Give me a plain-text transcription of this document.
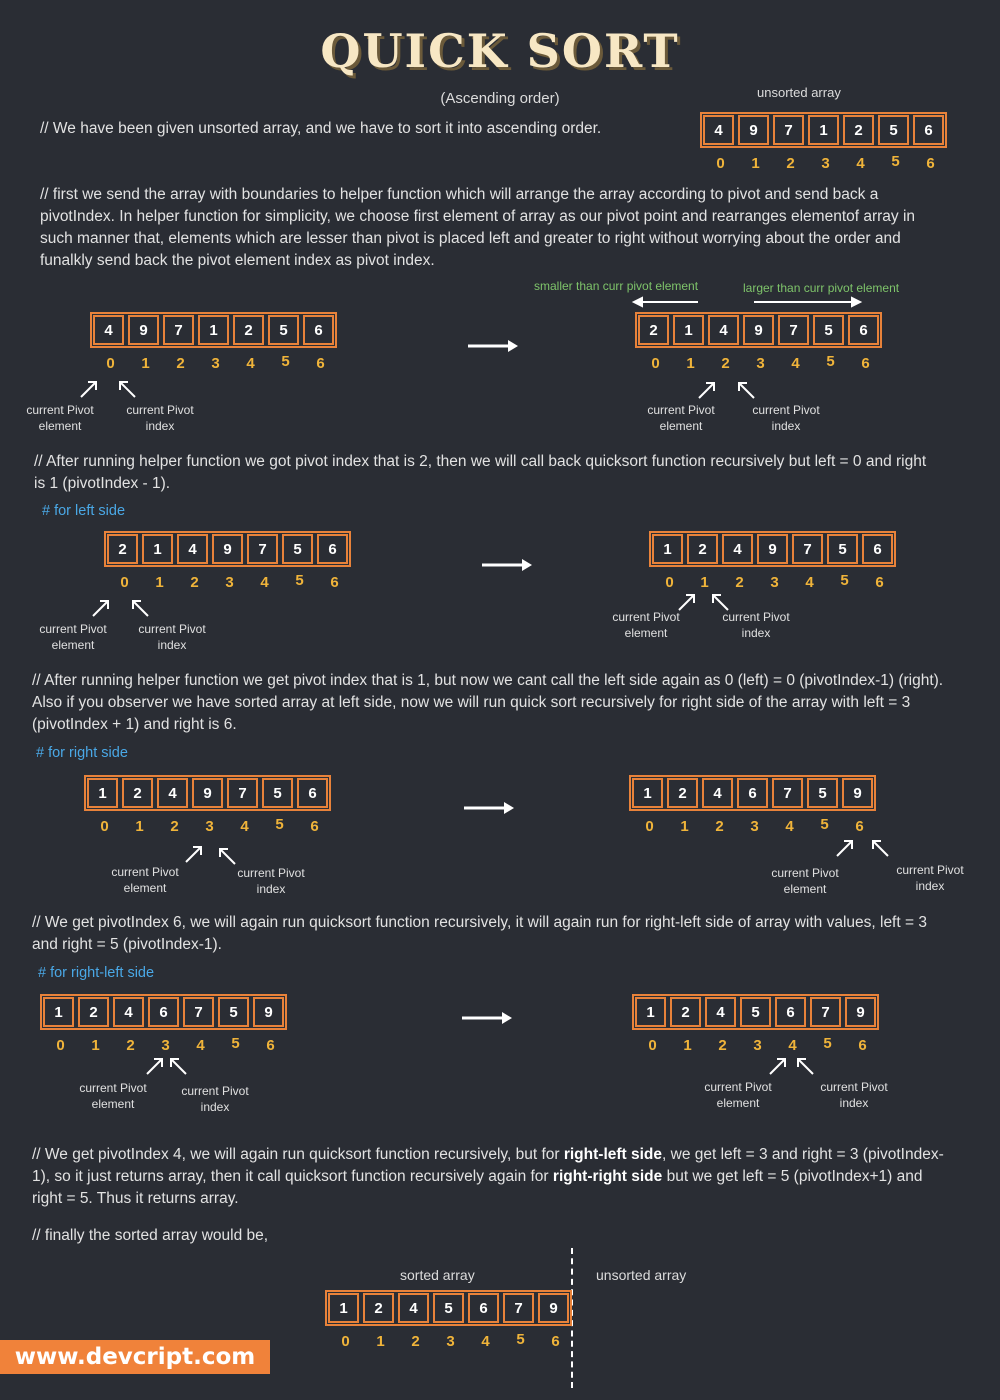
QUICK SORT
(Ascending order)
// We have been given unsorted array, and we have to sort it into ascending order.
unsorted array
4	9	7	1	2	5	6
0	1	2	3	4	5	6
// first we send the array with boundaries to helper function which will arrange the array according to pivot and send back a pivotIndex. In helper function for simplicity, we choose first element of array as our pivot point and rearranges elementof array in such manner that, elements which are lesser than pivot is placed left and greater to right without worrying about the order and funalkly send back the pivot element index as pivot index.
smaller than curr pivot element	larger than curr pivot element
4	9	7	1	2	5	6
0	1	2	3	4	5	6
2	1	4	9	7	5	6
0	1	2	3	4	5	6
// After running helper function we got pivot index that is 2, then we will call back quicksort function recursively but left = 0 and right is 1 (pivotIndex - 1).
# for left side
2	1	4	9	7	5	6
0	1	2	3	4	5	6
1	2	4	9	7	5	6
0	1	2	3	4	5	6
// After running helper function we get pivot index that is 1, but now we cant call the left side again as 0 (left) = 0 (pivotIndex-1) (right). Also if you observer we have sorted array at left side, now we will run quick sort recursively for right side of the array with left = 3 (pivotIndex + 1) and right is 6.
# for right side
1	2	4	9	7	5	6
0	1	2	3	4	5	6
1	2	4	6	7	5	9
0	1	2	3	4	5	6
// We get pivotIndex 6, we will again run quicksort function recursively, it will again run for right-left side of array with values, left = 3 and right = 5 (pivotIndex-1).
# for right-left side
1	2	4	6	7	5	9
0	1	2	3	4	5	6
1	2	4	5	6	7	9
0	1	2	3	4	5	6
// We get pivotIndex 4, we will again run quicksort function recursively, but for right-left side, we get left = 3 and right = 3 (pivotIndex-1), so it just returns array, then it call quicksort function recursively again for right-right side but we get left = 5 (pivotIndex+1) and right = 5. Thus it returns array.
// finally the sorted array would be,
sorted array	unsorted array
1	2	4	5	6	7	9
0	1	2	3	4	5	6
www.devcript.com
current Pivot
element
current Pivot
index
current Pivot
element
current Pivot
index
current Pivot
element
current Pivot
index
current Pivot
element
current Pivot
index
current Pivot
element
current Pivot
index
current Pivot
element
current Pivot
index
current Pivot
element
current Pivot
index
current Pivot
element
current Pivot
index
